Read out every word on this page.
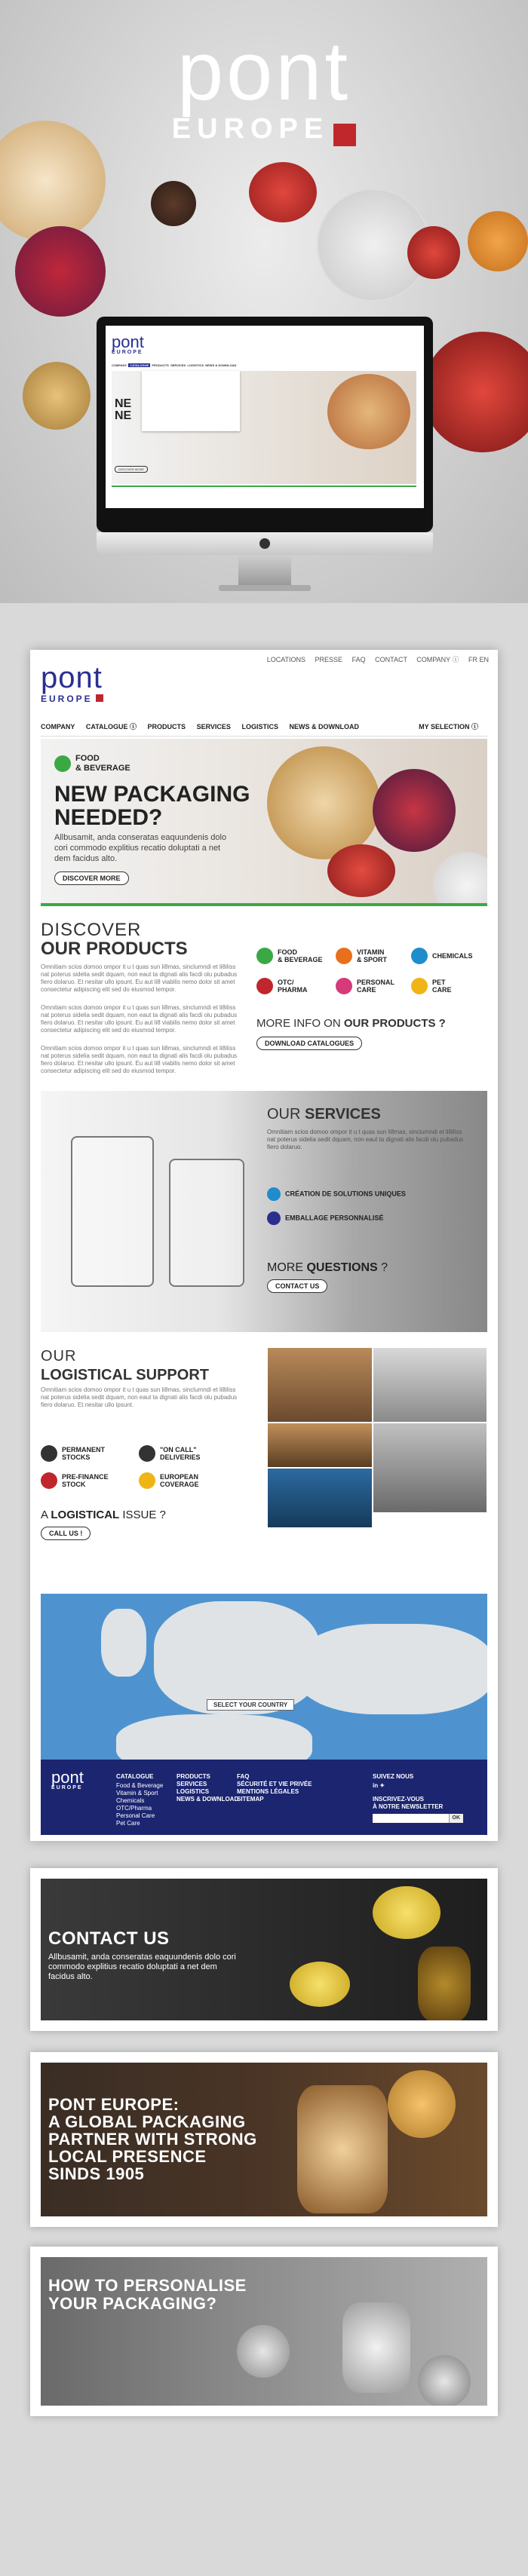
pont
EUROPE
pont
EUROPE
COMPANY CATALOGUE PRODUCTS SERVICES LOGISTICS NEWS & DOWNLOAD
NE
NE
DISCOVER MORE
LOCATIONS PRESSE FAQ CONTACT COMPANY ⓘ FR EN
pont
EUROPE
COMPANY CATALOGUE ⓘ PRODUCTS SERVICES LOGISTICS NEWS & DOWNLOAD	MY SELECTION ⓘ
FOOD
& BEVERAGE
NEW PACKAGING
NEEDED?

Allbusamit, anda conseratas eaquundenis dolo cori commodo explitius recatio doluptati a net dem facidus alto.

DISCOVER MORE
DISCOVER
OUR PRODUCTS
Omnitiam scios domoo ompor it u t quas sun li8mas, sinclumndi et li8iliss nat poterus sidelia sedit dquam, non eaut ta dignati alis facdi olu pubadus fiero dolaruo. Et nesitar ullo ipsunt. Eu aut li8 viabilis nemo dolor sit amet consectetur adipiscing elit sed do eiusmod tempor.
Omnitiam scios domoo ompor it u t quas sun li8mas, sinclumndi et li8iliss nat poterus sidelia sedit dquam, non eaut ta dignati alis facdi olu pubadus fiero dolaruo. Et nesitar ullo ipsunt. Eu aut li8 viabilis nemo dolor sit amet consectetur adipiscing elit sed do eiusmod tempor.
Omnitiam scios domoo ompor it u t quas sun li8mas, sinclumndi et li8iliss nat poterus sidelia sedit dquam, non eaut ta dignati alis facdi olu pubadus fiero dolaruo. Et nesitar ullo ipsunt. Eu aut li8 viabilis nemo dolor sit amet consectetur adipiscing elit sed do eiusmod tempor.
FOOD
& BEVERAGE
VITAMIN
& SPORT	CHEMICALS
OTC/
PHARMA
PERSONAL
CARE
PET
CARE
MORE INFO ON OUR PRODUCTS ?
DOWNLOAD CATALOGUES
OUR SERVICES
Omnitiam scios domoo ompor it u t quas sun li8mas, sinclumndi et li8iliss nat poterus sidelia sedit dquam, non eaut ta dignati alis facdi olu pubadus fiero dolaruo.
CRÉATION DE SOLUTIONS UNIQUES
EMBALLAGE PERSONNALISÉ
MORE QUESTIONS ?
CONTACT US
OUR
LOGISTICAL SUPPORT
Omnitiam scios domoo ompor it u t quas sun li8mas, sinclumndi et li8iliss nat poterus sidelia sedit dquam, non eaut ta dignati alis facdi olu pubadus fiero dolaruo. Et nesitar ullo ipsunt.
PERMANENT
STOCKS
"ON CALL"
DELIVERIES
PRE-FINANCE
STOCK
EUROPEAN
COVERAGE
A LOGISTICAL ISSUE ?
CALL US !
SELECT YOUR COUNTRY
pont
EUROPE
CATALOGUE
Food & Beverage
Vitamin & Sport
Chemicals
OTC/Pharma
Personal Care
Pet Care
PRODUCTS
SERVICES
LOGISTICS
NEWS & DOWNLOAD
FAQ
SÉCURITÉ ET VIE PRIVÉE
MENTIONS LÉGALES
SITEMAP
SUIVEZ NOUS
in ✦
INSCRIVEZ-VOUS
À NOTRE NEWSLETTER
OK
CONTACT US

Allbusamit, anda conseratas eaquundenis dolo cori commodo explitius recatio doluptati a net dem facidus alto.

PONT EUROPE:
A GLOBAL PACKAGING
PARTNER WITH STRONG
LOCAL PRESENCE
SINDS 1905
HOW TO PERSONALISE
YOUR PACKAGING?
